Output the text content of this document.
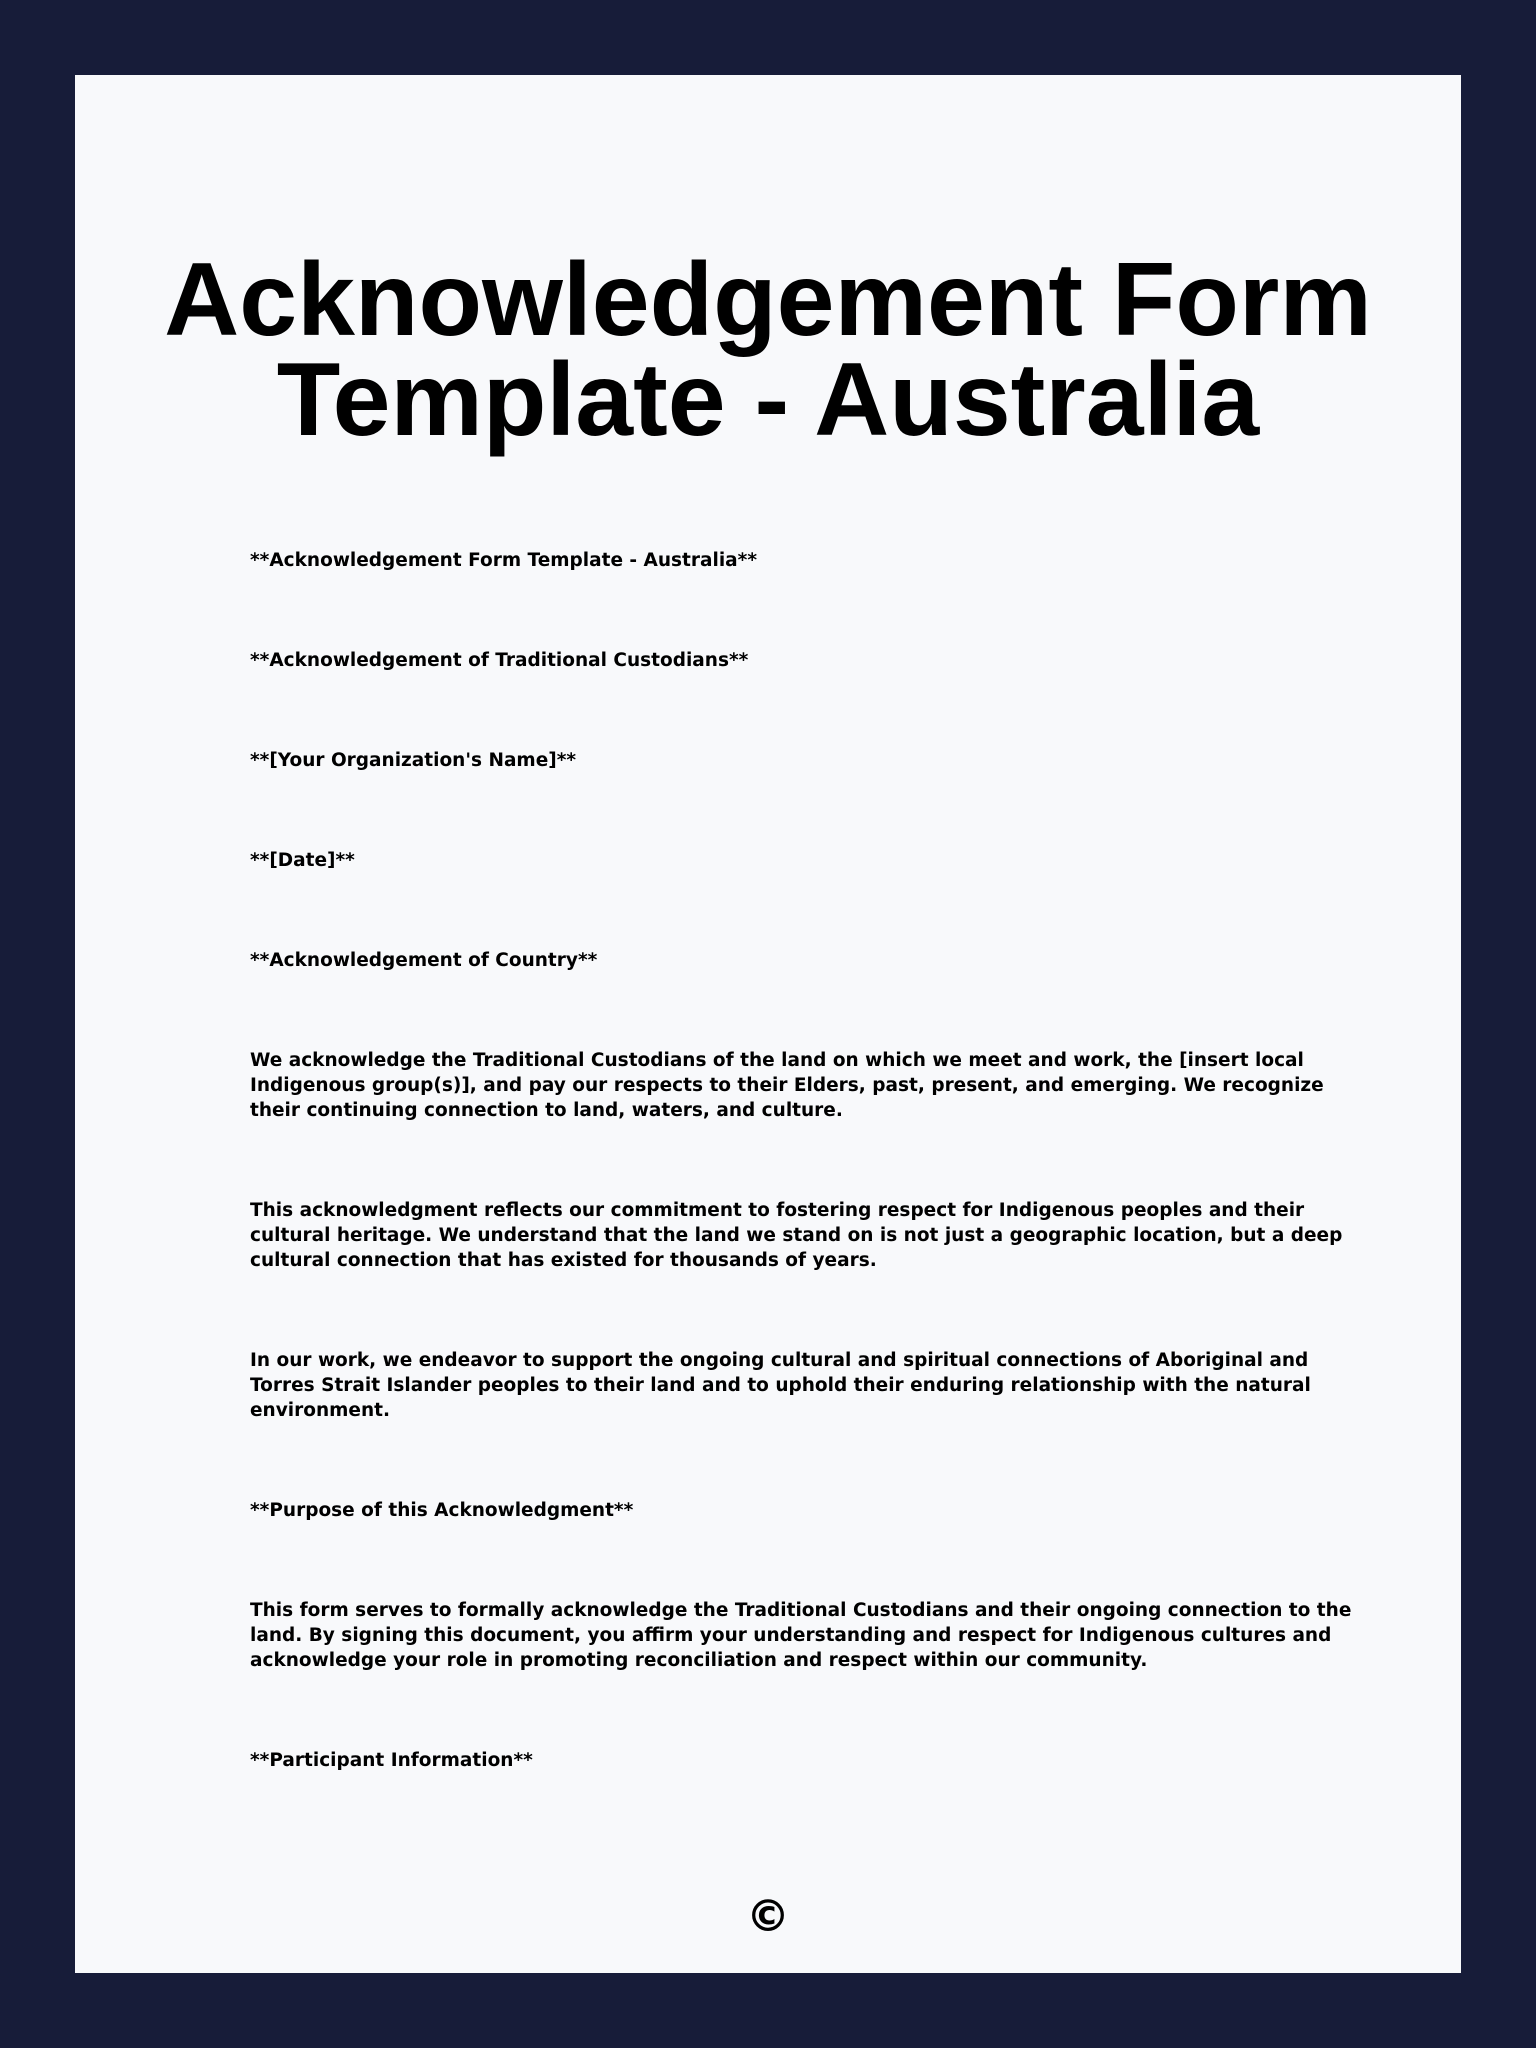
Acknowledgement Form Template - Australia

**Acknowledgement Form Template - Australia**

**Acknowledgement of Traditional Custodians**

**[Your Organization's Name]**

**[Date]**

**Acknowledgement of Country**

We acknowledge the Traditional Custodians of the land on which we meet and work, the [insert local Indigenous group(s)], and pay our respects to their Elders, past, present, and emerging. We recognize their continuing connection to land, waters, and culture.

This acknowledgment reflects our commitment to fostering respect for Indigenous peoples and their cultural heritage. We understand that the land we stand on is not just a geographic location, but a deep cultural connection that has existed for thousands of years.

In our work, we endeavor to support the ongoing cultural and spiritual connections of Aboriginal and Torres Strait Islander peoples to their land and to uphold their enduring relationship with the natural environment.

**Purpose of this Acknowledgment**

This form serves to formally acknowledge the Traditional Custodians and their ongoing connection to the land. By signing this document, you affirm your understanding and respect for Indigenous cultures and acknowledge your role in promoting reconciliation and respect within our community.

**Participant Information**

©
